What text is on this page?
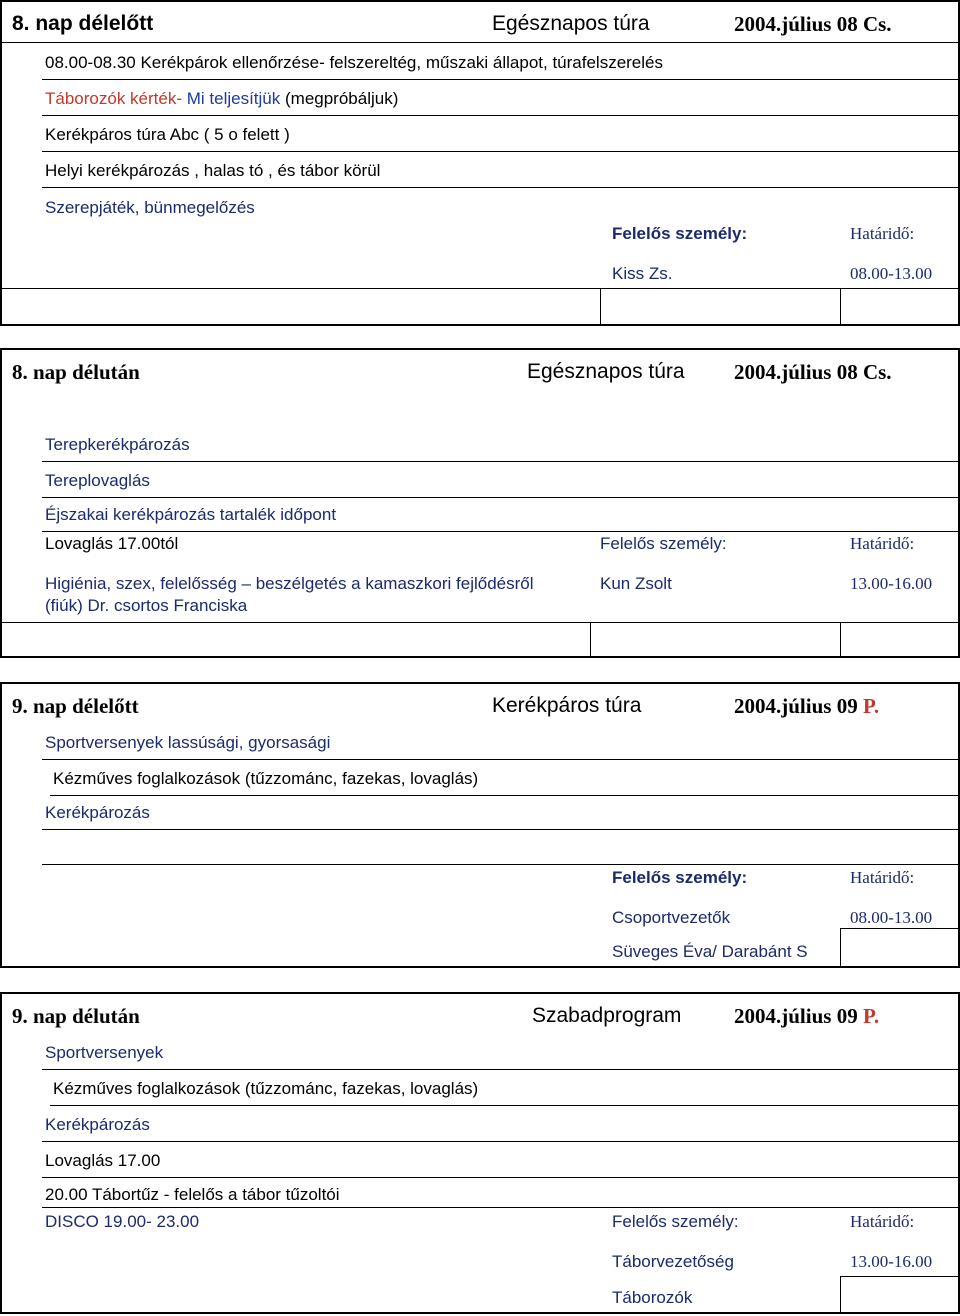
8. nap délelőtt	Egésznapos túra	2004.július 08 Cs.
08.00-08.30 Kerékpárok ellenőrzése- felszereltég, műszaki állapot, túrafelszerelés
Táborozók kérték- Mi teljesítjük (megpróbáljuk)
Kerékpáros túra Abc ( 5 o felett )
Helyi kerékpározás , halas tó , és tábor körül
Szerepjáték, bünmegelőzés
Felelős személy:	Határidő:
Kiss Zs.	08.00-13.00
8. nap délután	Egésznapos túra 2004.július 08 Cs.
Terepkerékpározás
Tereplovaglás
Éjszakai kerékpározás tartalék időpont
Lovaglás 17.00tól
Higiénia, szex, felelősség – beszélgetés a kamaszkori fejlődésről
(fiúk) Dr. csortos Franciska
Felelős személy:	Határidő:
Kun Zsolt	13.00-16.00
9. nap délelőtt	Kerékpáros túra	2004.július 09 P.
Sportversenyek lassúsági, gyorsasági
Kézműves foglalkozások (tűzzománc, fazekas, lovaglás)
Kerékpározás
Felelős személy:	Határidő:
Csoportvezetők	08.00-13.00
Süveges Éva/ Darabánt S
9. nap délután	Szabadprogram	2004.július 09 P.
Sportversenyek
Kézműves foglalkozások (tűzzománc, fazekas, lovaglás)
Kerékpározás
Lovaglás 17.00
20.00 Tábortűz - felelős a tábor tűzoltói
DISCO 19.00- 23.00	Felelős személy:	Határidő:
Táborvezetőség	13.00-16.00
Táborozók
